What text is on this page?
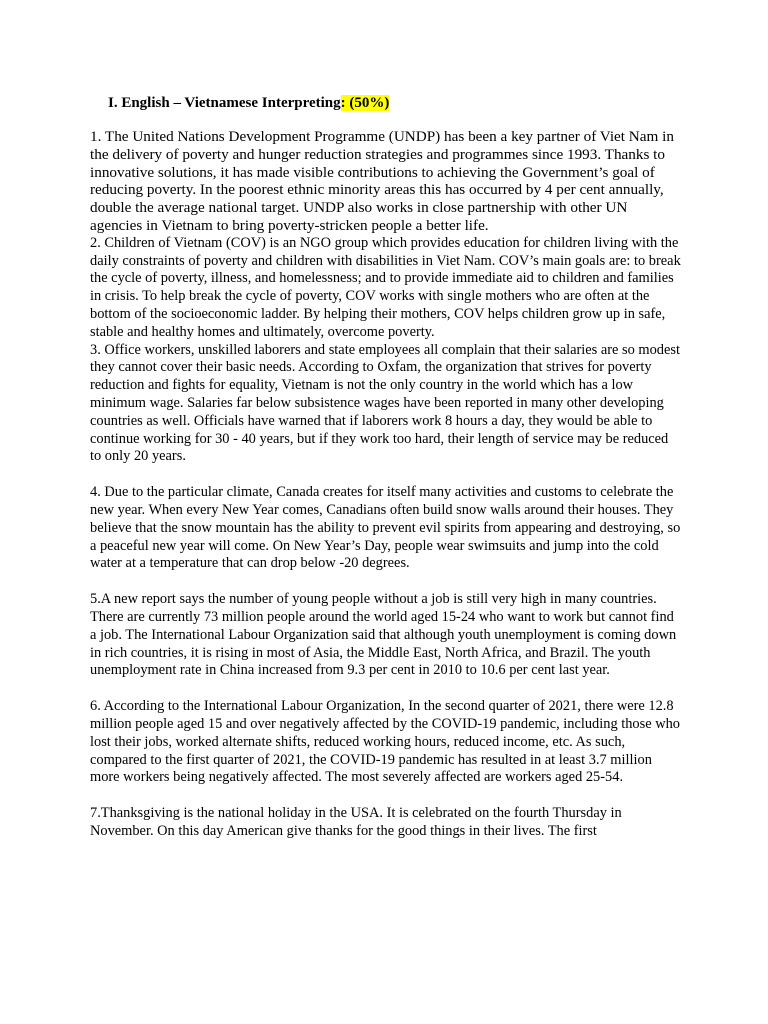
I. English – Vietnamese Interpreting: (50%)

1. The United Nations Development Programme (UNDP) has been a key partner of Viet Nam in the delivery of poverty and hunger reduction strategies and programmes since 1993. Thanks to innovative solutions, it has made visible contributions to achieving the Government’s goal of reducing poverty. In the poorest ethnic minority areas this has occurred by 4 per cent annually, double the average national target. UNDP also works in close partnership with other UN agencies in Vietnam to bring poverty-stricken people a better life.

2. Children of Vietnam (COV) is an NGO group which provides education for children living with the daily constraints of poverty and children with disabilities in Viet Nam. COV’s main goals are: to break the cycle of poverty, illness, and homelessness; and to provide immediate aid to children and families in crisis. To help break the cycle of poverty, COV works with single mothers who are often at the bottom of the socioeconomic ladder. By helping their mothers, COV helps children grow up in safe, stable and healthy homes and ultimately, overcome poverty.

3. Office workers, unskilled laborers and state employees all complain that their salaries are so modest they cannot cover their basic needs. According to Oxfam, the organization that strives for poverty reduction and fights for equality, Vietnam is not the only country in the world which has a low minimum wage. Salaries far below subsistence wages have been reported in many other developing countries as well. Officials have warned that if laborers work 8 hours a day, they would be able to continue working for 30 - 40 years, but if they work too hard, their length of service may be reduced to only 20 years.

4. Due to the particular climate, Canada creates for itself many activities and customs to celebrate the new year. When every New Year comes, Canadians often build snow walls around their houses. They believe that the snow mountain has the ability to prevent evil spirits from appearing and destroying, so a peaceful new year will come. On New Year’s Day, people wear swimsuits and jump into the cold water at a temperature that can drop below -20 degrees.

5.A new report says the number of young people without a job is still very high in many countries. There are currently 73 million people around the world aged 15-24 who want to work but cannot find a job. The International Labour Organization said that although youth unemployment is coming down in rich countries, it is rising in most of Asia, the Middle East, North Africa, and Brazil. The youth unemployment rate in China increased from 9.3 per cent in 2010 to 10.6 per cent last year.

6. According to the International Labour Organization, In the second quarter of 2021, there were 12.8 million people aged 15 and over negatively affected by the COVID-19 pandemic, including those who lost their jobs, worked alternate shifts, reduced working hours, reduced income, etc. As such, compared to the first quarter of 2021, the COVID-19 pandemic has resulted in at least 3.7 million more workers being negatively affected. The most severely affected are workers aged 25-54.

7.Thanksgiving is the national holiday in the USA. It is celebrated on the fourth Thursday in November. On this day American give thanks for the good things in their lives. The first
